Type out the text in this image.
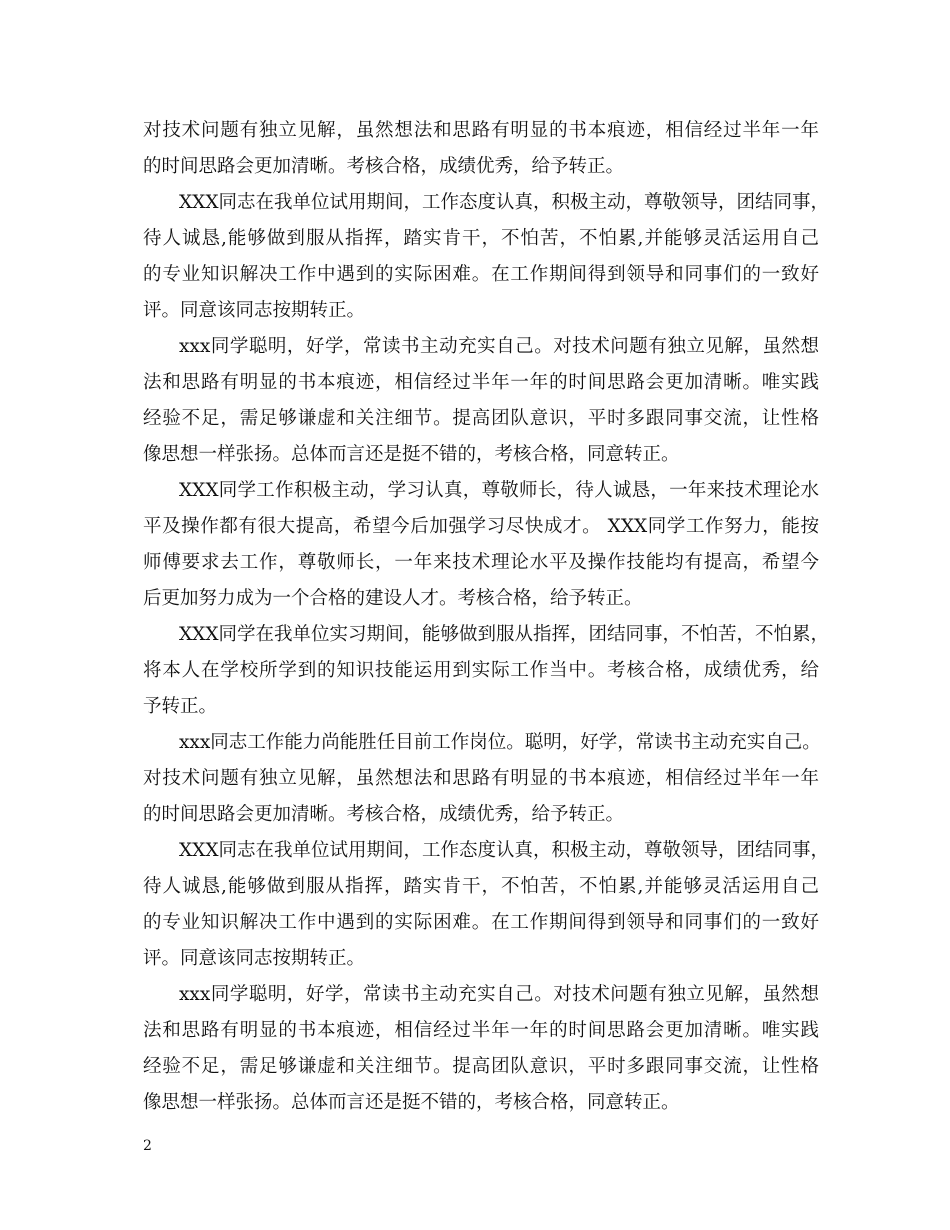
对技术问题有独立见解，虽然想法和思路有明显的书本痕迹，相信经过半年一年
的时间思路会更加清晰。考核合格，成绩优秀，给予转正。
XXX同志在我单位试用期间，工作态度认真，积极主动，尊敬领导，团结同事，
待人诚恳,能够做到服从指挥，踏实肯干，不怕苦，不怕累,并能够灵活运用自己
的专业知识解决工作中遇到的实际困难。在工作期间得到领导和同事们的一致好
评。同意该同志按期转正。
xxx同学聪明，好学，常读书主动充实自己。对技术问题有独立见解，虽然想
法和思路有明显的书本痕迹，相信经过半年一年的时间思路会更加清晰。唯实践
经验不足，需足够谦虚和关注细节。提高团队意识，平时多跟同事交流，让性格
像思想一样张扬。总体而言还是挺不错的，考核合格，同意转正。
XXX同学工作积极主动，学习认真，尊敬师长，待人诚恳，一年来技术理论水
平及操作都有很大提高，希望今后加强学习尽快成才。 XXX同学工作努力，能按
师傅要求去工作，尊敬师长，一年来技术理论水平及操作技能均有提高，希望今
后更加努力成为一个合格的建设人才。考核合格，给予转正。
XXX同学在我单位实习期间，能够做到服从指挥，团结同事，不怕苦，不怕累，
将本人在学校所学到的知识技能运用到实际工作当中。考核合格，成绩优秀，给
予转正。
xxx同志工作能力尚能胜任目前工作岗位。聪明，好学，常读书主动充实自己。
对技术问题有独立见解，虽然想法和思路有明显的书本痕迹，相信经过半年一年
的时间思路会更加清晰。考核合格，成绩优秀，给予转正。
XXX同志在我单位试用期间，工作态度认真，积极主动，尊敬领导，团结同事，
待人诚恳,能够做到服从指挥，踏实肯干，不怕苦，不怕累,并能够灵活运用自己
的专业知识解决工作中遇到的实际困难。在工作期间得到领导和同事们的一致好
评。同意该同志按期转正。
xxx同学聪明，好学，常读书主动充实自己。对技术问题有独立见解，虽然想
法和思路有明显的书本痕迹，相信经过半年一年的时间思路会更加清晰。唯实践
经验不足，需足够谦虚和关注细节。提高团队意识，平时多跟同事交流，让性格
像思想一样张扬。总体而言还是挺不错的，考核合格，同意转正。
2
